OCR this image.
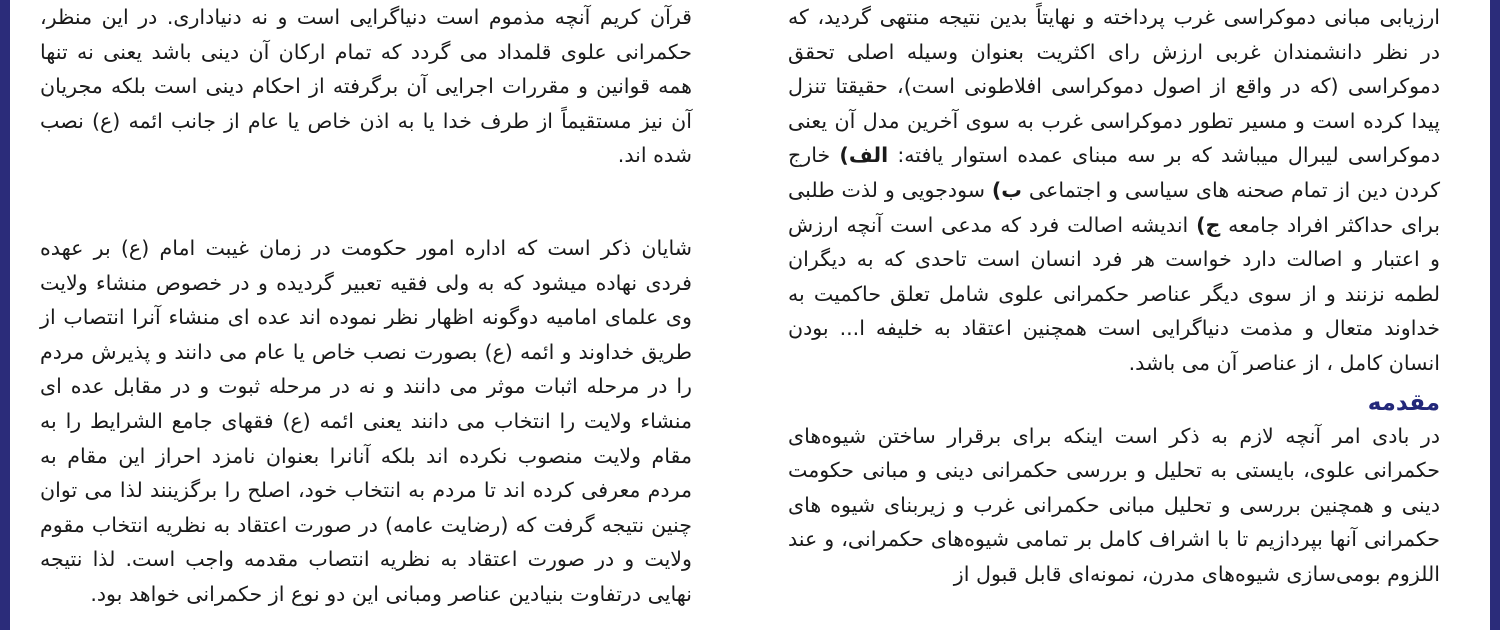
ارزیابی مبانی دموکراسی غرب پرداخته و نهایتاً بدین نتیجه منتهی گردید، که در نظر دانشمندان غربی ارزش رای اکثریت بعنوان وسیله اصلی تحقق دموکراسی (که در واقع از اصول دموکراسی افلاطونی است)، حقیقتا تنزل پیدا کرده است و مسیر تطور دموکراسی غرب به سوی آخرین مدل آن یعنی دموکراسی لیبرال میباشد که بر سه مبنای عمده استوار یافته: الف) خارج کردن دین از تمام صحنه های سیاسی و اجتماعی ب) سودجویی و لذت طلبی برای حداکثر افراد جامعه ج) اندیشه اصالت فرد که مدعی است آنچه ارزش و اعتبار و اصالت دارد خواست هر فرد انسان است تاحدی که به دیگران لطمه نزنند و از سوی دیگر عناصر حکمرانی علوی شامل تعلق حاکمیت به خداوند متعال و مذمت دنیاگرایی است همچنین اعتقاد به خلیفه ا... بودن انسان کامل ، از عناصر آن می باشد.

مقدمه

در بادی امر آنچه لازم به ذکر است اینکه برای برقرار ساختن شیوه‌های حکمرانی علوی، بایستی به تحلیل و بررسی حکمرانی دینی و مبانی حکومت دینی و همچنین بررسی و تحلیل مبانی حکمرانی غرب و زیربنای شیوه های حکمرانی آنها بپردازیم تا با اشراف کامل بر تمامی شیوه‌های حکمرانی، و عند اللزوم بومی‌سازی شیوه‌های مدرن، نمونه‌ای قابل قبول از

قرآن کریم آنچه مذموم است دنیاگرایی است و نه دنیاداری. در این منظر، حکمرانی علوی قلمداد می گردد که تمام ارکان آن دینی باشد یعنی نه تنها همه قوانین و مقررات اجرایی آن برگرفته از احکام دینی است بلکه مجریان آن نیز مستقیماً از طرف خدا یا به اذن خاص یا عام از جانب ائمه (ع) نصب شده اند.

شایان ذکر است که اداره امور حکومت در زمان غیبت امام (ع) بر عهده فردی نهاده میشود که به ولی فقیه تعبیر گردیده و در خصوص منشاء ولایت وی علمای امامیه دوگونه اظهار نظر نموده اند عده ای منشاء آنرا انتصاب از طریق خداوند و ائمه (ع) بصورت نصب خاص یا عام می دانند و پذیرش مردم را در مرحله اثبات موثر می دانند و نه در مرحله ثبوت و در مقابل عده ای منشاء ولایت را انتخاب می دانند یعنی ائمه (ع) فقهای جامع الشرایط را به مقام ولایت منصوب نکرده اند بلکه آنانرا بعنوان نامزد احراز این مقام به مردم معرفی کرده اند تا مردم به انتخاب خود، اصلح را برگزینند لذا می توان چنین نتیجه گرفت که (رضایت عامه) در صورت اعتقاد به نظریه انتخاب مقوم ولایت و در صورت اعتقاد به نظریه انتصاب مقدمه واجب است. لذا نتیجه نهایی درتفاوت بنیادین عناصر ومبانی این دو نوع از حکمرانی خواهد بود.
